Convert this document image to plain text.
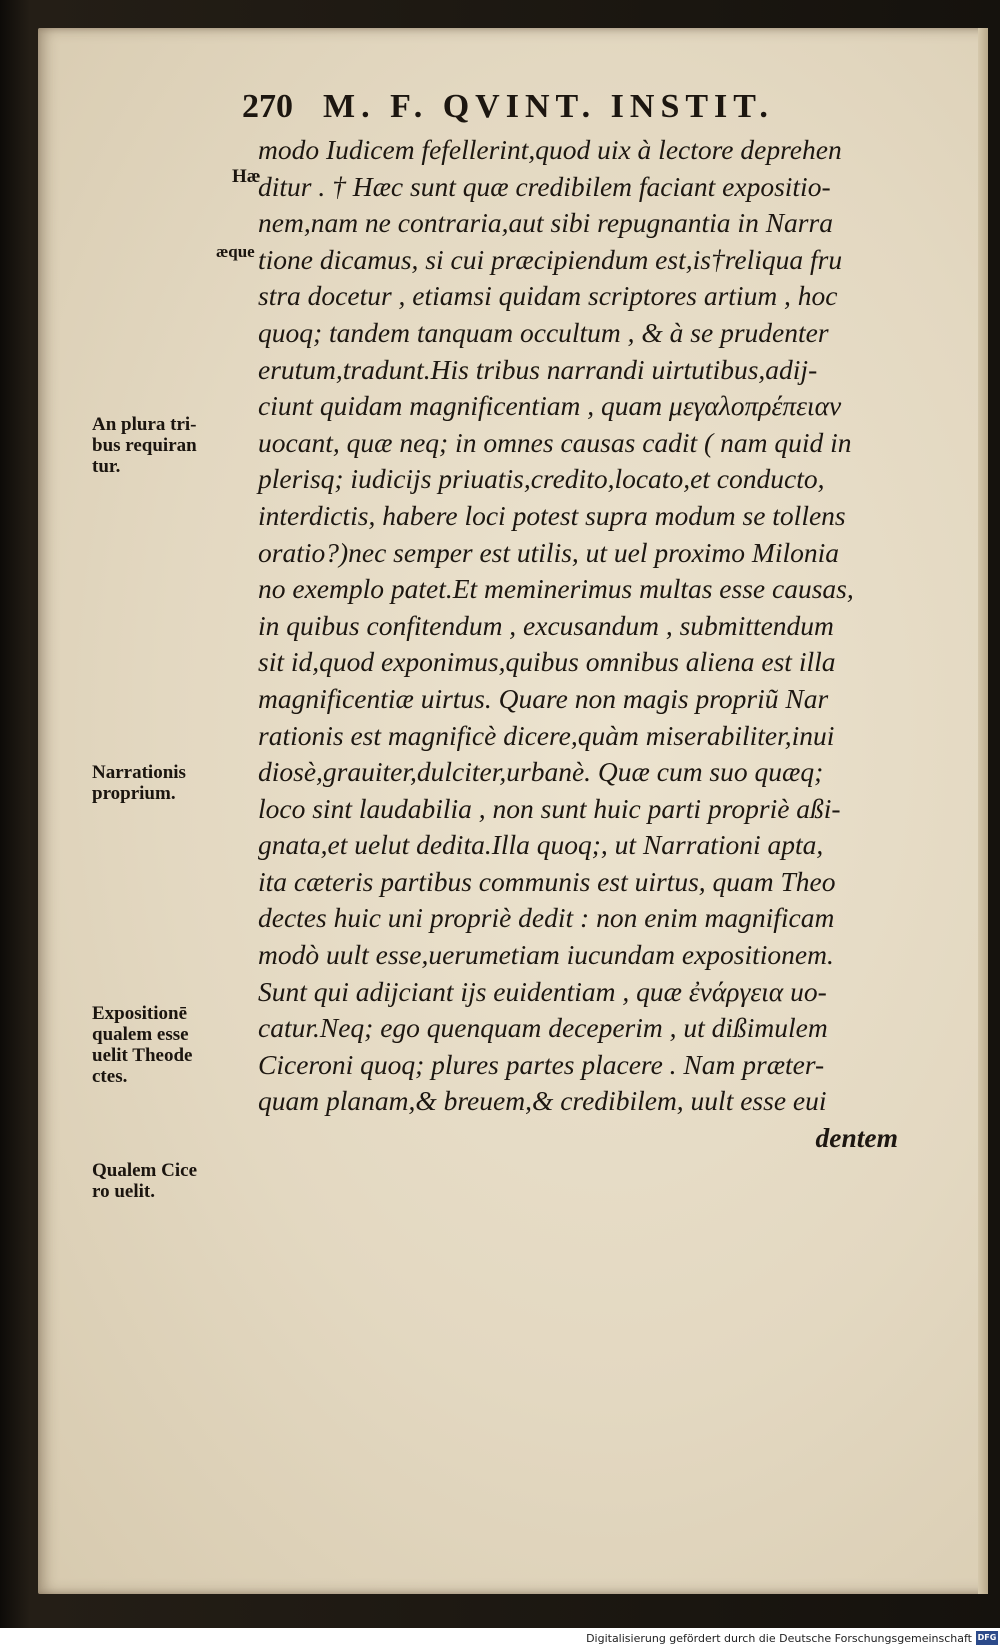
270 M. F. QVINT. INSTIT.
Hæ
æque
An plura tri-
bus requiran
tur.
Narrationis
proprium.
Expositionē
qualem esse
uelit Theode
ctes.
Qualem Cice
ro uelit.
modo Iudicem fefellerint,quod uix à lectore deprehen
ditur . † Hæc sunt quæ credibilem faciant expositio-
nem,nam ne contraria,aut sibi repugnantia in Narra
tione dicamus, si cui præcipiendum est,is†reliqua fru
stra docetur , etiamsi quidam scriptores artium , hoc
quoq; tandem tanquam occultum , & à se prudenter
erutum,tradunt.His tribus narrandi uirtutibus,adij-
ciunt quidam magnificentiam , quam μεγαλοπρέπειαν
uocant, quæ neq; in omnes causas cadit ( nam quid in
plerisq; iudicijs priuatis,credito,locato,et conducto,
interdictis, habere loci potest supra modum se tollens
oratio?)nec semper est utilis, ut uel proximo Miloniа
no exemplo patet.Et meminerimus multas esse causas,
in quibus confitendum , excusandum , submittendum
sit id,quod exponimus,quibus omnibus aliena est illa
magnificentiæ uirtus. Quare non magis propriũ Nar
rationis est magnificè dicere,quàm miserabiliter,inui
diosè,grauiter,dulciter,urbanè. Quæ cum suo quæq;
loco sint laudabilia , non sunt huic parti propriè aßi-
gnata,et uelut dedita.Illa quoq;, ut Narrationi apta,
ita cæteris partibus communis est uirtus, quam Theo
dectes huic uni propriè dedit : non enim magnificam
modò uult esse,uerumetiam iucundam expositionem.
Sunt qui adijciant ijs euidentiam , quæ ἐνάργεια uo-
catur.Neq; ego quenquam deceperim , ut dißimulem
Ciceroni quoq; plures partes placere . Nam præter-
quam planam,& breuem,& credibilem, uult esse eui
dentem
Digitalisierung gefördert durch die Deutsche Forschungsgemeinschaft DFG
